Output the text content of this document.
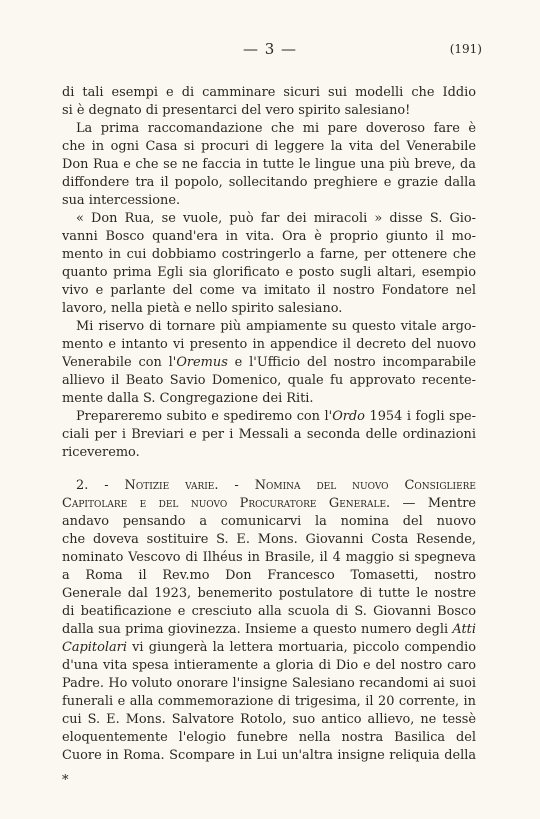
— 3 —	(191)
di tali esempi e di camminare sicuri sui modelli che Iddio
si è degnato di presentarci del vero spirito salesiano!
La prima raccomandazione che mi pare doveroso fare è
che in ogni Casa si procuri di leggere la vita del Venerabile
Don Rua e che se ne faccia in tutte le lingue una più breve, da
diffondere tra il popolo, sollecitando preghiere e grazie dalla
sua intercessione.
« Don Rua, se vuole, può far dei miracoli » disse S. Gio-
vanni Bosco quand'era in vita. Ora è proprio giunto il mo-
mento in cui dobbiamo costringerlo a farne, per ottenere che
quanto prima Egli sia glorificato e posto sugli altari, esempio
vivo e parlante del come va imitato il nostro Fondatore nel
lavoro, nella pietà e nello spirito salesiano.
Mi riservo di tornare più ampiamente su questo vitale argo-
mento e intanto vi presento in appendice il decreto del nuovo
Venerabile con l'Oremus e l'Ufficio del nostro incomparabile
allievo il Beato Savio Domenico, quale fu approvato recente-
mente dalla S. Congregazione dei Riti.
Prepareremo subito e spediremo con l'Ordo 1954 i fogli spe-
ciali per i Breviari e per i Messali a seconda delle ordinazioni
riceveremo.
2. - Notizie varie. - Nomina del nuovo Consigliere
Capitolare e del nuovo Procuratore Generale. — Mentre
andavo pensando a comunicarvi la nomina del nuovo
che doveva sostituire S. E. Mons. Giovanni Costa Resende,
nominato Vescovo di Ilhéus in Brasile, il 4 maggio si spegneva
a Roma il Rev.mo Don Francesco Tomasetti, nostro
Generale dal 1923, benemerito postulatore di tutte le nostre
di beatificazione e cresciuto alla scuola di S. Giovanni Bosco
dalla sua prima giovinezza. Insieme a questo numero degli Atti
Capitolari vi giungerà la lettera mortuaria, piccolo compendio
d'una vita spesa intieramente a gloria di Dio e del nostro caro
Padre. Ho voluto onorare l'insigne Salesiano recandomi ai suoi
funerali e alla commemorazione di trigesima, il 20 corrente, in
cui S. E. Mons. Salvatore Rotolo, suo antico allievo, ne tessè
eloquentemente l'elogio funebre nella nostra Basilica del
Cuore in Roma. Scompare in Lui un'altra insigne reliquia della
*
